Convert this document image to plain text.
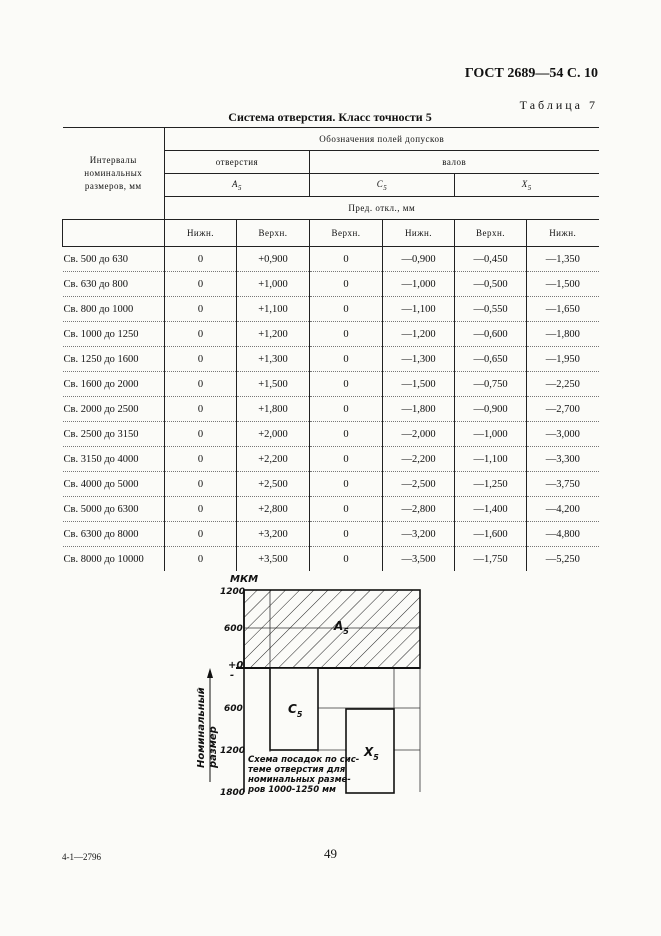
ГОСТ 2689—54 С. 10
Таблица 7
Система отверстия. Класс точности 5
Интервалы
номинальных
размеров, мм	Обозначения полей допусков					
	отверстия		валов			
	$A_5$		$C_5$		$X_5$
	Пред. откл., мм					
	Нижн.	Верхн.	Верхн.	Нижн.	Верхн.	Нижн.
Св. 500 до 630	0	+0,900	0	—0,900	—0,450	—1,350
Св. 630 до 800	0	+1,000	0	—1,000	—0,500	—1,500
Св. 800 до 1000	0	+1,100	0	—1,100	—0,550	—1,650
Св. 1000 до 1250	0	+1,200	0	—1,200	—0,600	—1,800
Св. 1250 до 1600	0	+1,300	0	—1,300	—0,650	—1,950
Св. 1600 до 2000	0	+1,500	0	—1,500	—0,750	—2,250
Св. 2000 до 2500	0	+1,800	0	—1,800	—0,900	—2,700
Св. 2500 до 3150	0	+2,000	0	—2,000	—1,000	—3,000
Св. 3150 до 4000	0	+2,200	0	—2,200	—1,100	—3,300
Св. 4000 до 5000	0	+2,500	0	—2,500	—1,250	—3,750
Св. 5000 до 6300	0	+2,800	0	—2,800	—1,400	—4,200
Св. 6300 до 8000	0	+3,200	0	—3,200	—1,600	—4,800
Св. 8000 до 10000	0	+3,500	0	—3,500	—1,750	—5,250
МКМ
1200
600
+0
-
600
1200
1800
Номинальный размер
$A_5$
$C_5$
$X_5$
Схема посадок по сис-
теме отверстия для
номинальных разме-
ров 1000-1250 мм
4-1—2796	49
